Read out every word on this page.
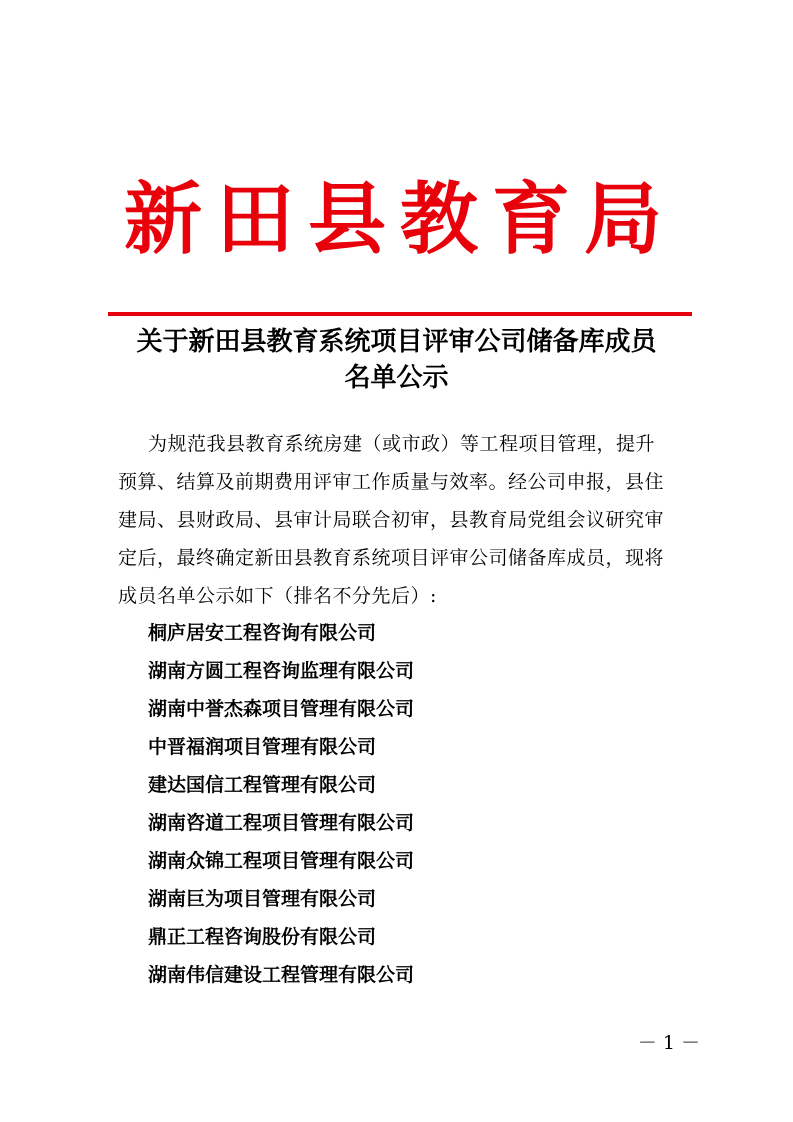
新田县教育局
关于新田县教育系统项目评审公司储备库成员
名单公示

为规范我县教育系统房建（或市政）等工程项目管理，提升
预算、结算及前期费用评审工作质量与效率。经公司申报，县住
建局、县财政局、县审计局联合初审，县教育局党组会议研究审
定后，最终确定新田县教育系统项目评审公司储备库成员，现将
成员名单公示如下（排名不分先后）:

桐庐居安工程咨询有限公司
湖南方圆工程咨询监理有限公司
湖南中誉杰森项目管理有限公司
中晋福润项目管理有限公司
建达国信工程管理有限公司
湖南咨道工程项目管理有限公司
湖南众锦工程项目管理有限公司
湖南巨为项目管理有限公司
鼎正工程咨询股份有限公司
湖南伟信建设工程管理有限公司
－ 1 －
